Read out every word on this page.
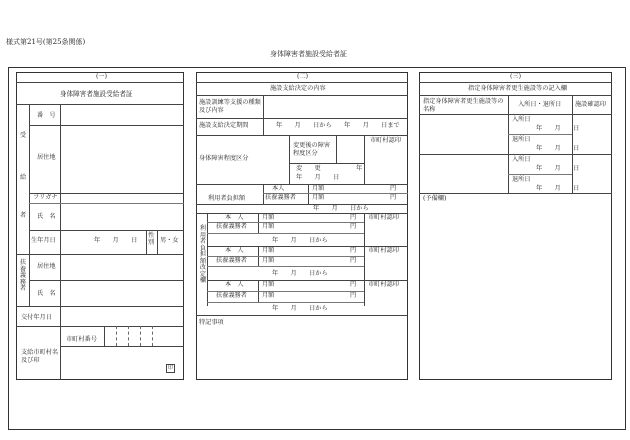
様式第21号(第25条関係)
身体障害者施設受給者証
(一)
身体障害者施設受給者証
受
給
者
番　号
居住地
フリガナ
氏　名
生年月日	年　　月　　日
性別 男・女
扶養義務者
居住地
氏　名
交付年月日
支給市町村名及び印
市町村番号
印
(二)
施設支給決定の内容
施設訓練等支援の種類及び内容
施設支給決定期間	年　　月　　日から　　年　　月　　日まで
身体障害程度区分
変更後の障害程度区分
市町村認印
変　　更	年
年　　月　　日
利用者負担額
本人	月額	円
扶養義務者	月額	円
年　　月　　日から
利用者負担額改定欄
本　人	月額	円 市町村認印
扶養義務者 月額	円
年　　月　　日から
本　人	月額	円 市町村認印
扶養義務者 月額	円
年　　月　　日から
本　人	月額	円 市町村認印
扶養義務者 月額	円
年　　月　　日から
特記事項
(三)
指定身体障害者更生施設等の記入欄
指定身体障害者更生施設等の名称
入所日・退所日 施設確認印
入所日
年　　月　　日
退所日
年　　月　　日
入所日
年　　月　　日
退所日
年　　月　　日
(予備欄)
